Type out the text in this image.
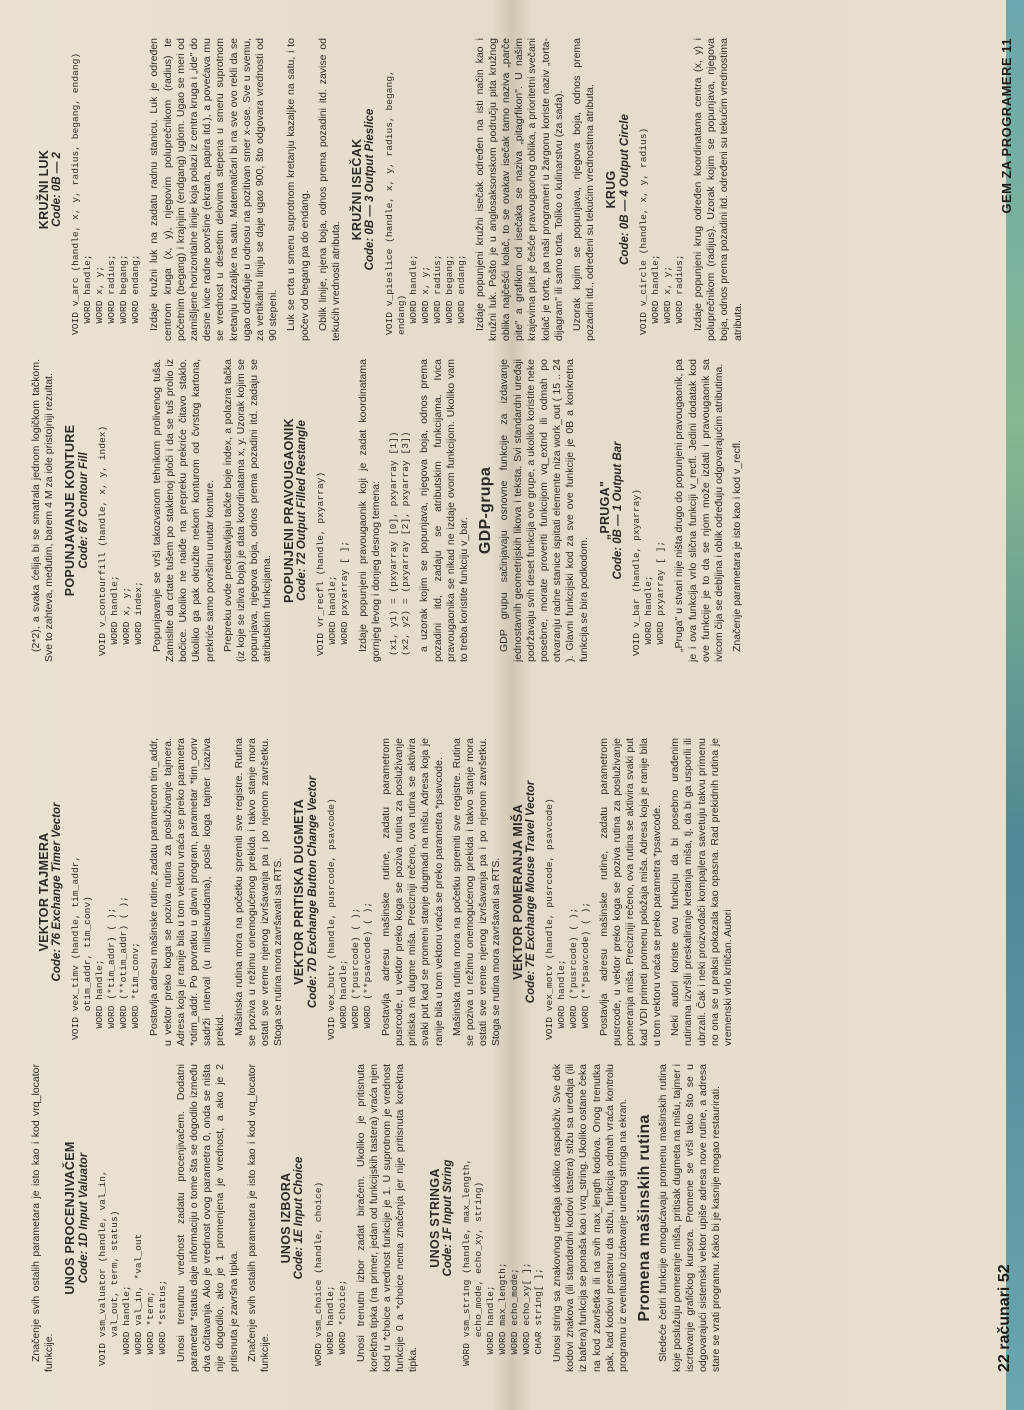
Značenje svih ostalih parametara je isto kao i kod vrq_locator funkcije.

UNOS PROCENJIVAČEM Code: 1D Input Valuator
VOID vsm_valuator (handle, val_in,
val_out, term, status)
WORD handle;
WORD val_in, *val_out
WORD *term;
WORD *status; Unosi trenutnu vrednost zadatu procenjivačem. Dodatni parametar *status daje informaciju o tome šta se dogodilo između dva očitavanja. Ako je vrednost ovog parametra 0, onda se ništa nije dogodilo, ako je 1 promenjena je vrednost, a ako je 2 pritisnuta je završna tipka. Značenje svih ostalih parametara je isto kao i kod vrq_locator funkcije.

UNOS IZBORA Code: 1E Input Choice
WORD vsm_choice (handle, choice)
WORD handle;
WORD *choice; Unosi trenutni izbor zadat biračem. Ukoliko je pritisnuta korektna tipka (na primer, jedan od funkcijskih tastera) vraća njen kod u *choice a vrednost funkcije je 1. U suprotnom je vrednost funkcije 0 a *choice nema značenja jer nije pritisnuta korektna tipka.

UNOS STRINGA Code: 1F Input String
WORD vsm_string (handle, max_length,
echo_mode, echo_xy, string)
WORD handle;
WORD max_length;
WORD echo_mode;
WORD echo_xy[ ];
CHAR string[ ]; Unosi string sa znakovnog uređaja ukoliko raspoloživ. Sve dok kodovi znakova (ili standardni kodovi tastera) stižu sa uređaja (ili iz bafera) funkcija se ponaša kao i vrq_string. Ukoliko ostane čeka na kod završetka ili na svih max_length kodova. Onog trenutka pak, kad kodovi prestanu da stižu, funkcija odmah vraća kontrolu programu iz eventualno izdavanje unetog stringa na ekran. Promena mašinskih rutina Sledeće četiri funkcije omogućavaju promenu mašinskih rutina koje poslužuju pomeranje miša, pritisak dugmeta na mišu, tajmer i iscrtavanje grafičkog kursora. Promene se vrši tako što se u odgovarajući sistemski vektor upiše adresa nove rutine, a adresa stare se vrati programu. Kako bi je kasnije mogao restaurirati.

VEKTOR TAJMERA Code: 76 Exchange Timer Vector
VOID vex_timv (handle, tim_addr,
otim_addr, tim_conv)
WORD handle;
WORD (*tim_addr) ( );
WORD (**otim_addr) ( );
WORD *tim_conv; Postavlja adresu mašinske rutine, zadatu parametrom tim_addr, u vektor preko koga se poziva rutina za posluživanje tajmera. Adresa koja je ranije bila u tom vektoru vraća se preko parametra *otim_addr. Po povratku u glavni program, parametar *tim_conv sadrži interval (u milisekundama), posle koga tajmer izaziva prekid. Mašinska rutina mora na početku spremiti sve registre. Rutina se poziva u režimu onemogućenog prekida i takvo stanje mora ostati sve vreme njenog izvršavanja pa i po njenom završetku. Stoga se rutina mora završavati sa RTS. VEKTOR PRITISKA DUGMETA Code: 7D Exchange Button Change Vector
VOID vex_butv (handle, pusrcode, psavcode)
WORD handle;
WORD (*pusrcode) ( );
WORD (**psavcode) ( ); Postavlja adresu mašinske rutine, zadatu parametrom pusrcode, u vektor preko koga se poziva rutina za posluživanje pritiska na dugme miša. Precizniji rečeno, ova rutina se aktivira svaki put kad se promeni stanje dugmadi na mišu. Adresa koja je ranije bila u tom vektoru vraća se preko parametra *psavcode. Mašinska rutina mora na početku spremiti sve registre. Rutina se poziva u režimu onemogućenog prekida i takvo stanje mora ostati sve vreme njenog izvršavanja pa i po njenom završetku. Stoga se rutina mora završavati sa RTS. VEKTOR POMERANJA MIŠA Code: 7E Exchange Mouse Travel Vector
VOID vex_motv (handle, pusrcode, psavcode)
WORD handle;
WORD (*pusrcode) ( );
WORD (**psavcode) ( ); Postavlja adresu mašinske rutine, zadatu parametrom pusrcode, u vektor preko koga se poziva rutina za posluživanje pomeranja miša. Precizniji rečeno, ova rutina se aktivira svaki put kad VDI primeti promenu položaja miša. Adresa koja je ranije bila u tom vektoru vraća se preko parametra *psavcode. Neki autori koriste ovu funkciju da bi posebno urađenim rutinama izvršili preskaliranje kretanja miša, tj. da bi ga usporili ili ubrzali. Čak i neki proizvođači kompajlera savetuju takvu primenu no ona se u praksi pokazala kao opasna. Rad prekidnih rutina je vremenski vrlo kritičan. Autori

22 računari 52

(2*2), a svaka ćelija bi se smatrala jednom logičkom tačkom. Sve to zahteva, međutim, barem 4 M za iole pristojniji rezultat. POPUNJAVANJE KONTURE Code: 67 Contour Fill
VOID v_contourfill (handle, x, y, index)
WORD handle;
WORD x, y;
WORD index; Popunjavanje se vrši takozvanom tehnikom prolivenog tuša. Zamislite da crtate tušem po staklenoj ploči i da se tuš prolio iz bočice. Ukoliko ne naiđe na prepreku prekriće čitavo staklo. Ukoliko ga pak okružite nekom konturom od čvrstog kartona, prekriće samo površinu unutar konture. Prepreku ovde predstavljaju tačke boje index, a polazna tačka (iz koje se izliva boja) je data koordinatama x, y. Uzorak kojim se popunjava, njegova boja, odnos prema pozadini itd. zadaju se atributskim funkcijama.

POPUNJENI PRAVOUGAONIK Code: 72 Output Filled Restangle
VOID vr_recfl (handle, pxyarray)
WORD handle;
WORD pxyarray [ ]; Izdaje popunjeni pravougaonik koji je zadat koordinatama gornjeg levog i donjeg desnog temena: (x1, y1) = (pxyarray [0], pxyarray [1])
(x2, y2) = (pxyarray [2], pxyarray [3]) a uzorak kojim se popunjava, njegova boja, odnos prema pozadini itd, zadaju se atributskim funkcijama. Ivica pravougaonika se nikad ne izdaje ovom funkcijom. Ukoliko vam to treba koristite funkciju v_bar.

GDP-grupa GDP grupu sačinjavaju osnovne funkcije za izdavanje jednostavnih geometrijskih likova i teksta. Svi standardni uređaji podržavaju svih deset funkcija ove grupe, a ukoliko koristite neke posebne, morate proveriti funkcijom vq_extnd ili odmah po otvaranju radne stanice ispitati elemente niza work_out ( 15 .. 24 ). Glavni funkcijski kod za sve ove funkcije je 0B a konkretna funkcija se bira podkodom.

„PRUGA" Code: 0B — 1 Output Bar
VOID v_bar (handle, pxyarray)
WORD handle;
WORD pxyarray [ ]; „Pruga" u stvari nije ništa drugo do popunjeni pravougaonik, pa je i ova funkcija vrlo slična funkciji v_recfl. Jedini dodatak kod ove funkcije je to da se njom može izdati i pravougaonik sa ivicom čija se debljina i oblik određuju odgovarajućim atributima. Značenje parametara je isto kao i kod v_recfl.

KRUŽNI LUK Code: 0B — 2
VOID v_arc (handle, x, y, radius, begang, endang)
WORD handle;
WORD x, y;
WORD radius;
WORD begang;
WORD endang; Izdaje kružni luk na zadatu radnu stanicu. Luk je određen centrom kruga (x, y), njegovim poluprečnikom (radius) te početnim (begang) i krajnjim (endgang) uglom. Ugao se meri od zamišljene horizontalne linije koja polazi iz centra kruga i „ide" do desne ivice radne površine (ekrana, papira itd.), a povećava mu se vrednost u desetim delovima stepena u smeru suprotnom kretanju kazaljke na satu. Matematičari bi na sve ovo rekli da se ugao određuje u odnosu na pozitivan smer x-ose. Sve u svemu, za vertikalnu liniju se daje ugao 900, što odgovara vrednosti od 90 stepeni. Luk se crta u smeru suprotnom kretanju kazaljke na satu, i to počev od begang pa do endang. Oblik linije, njena boja, odnos prema pozadini itd. zavise od tekućih vrednosti atributa.

KRUŽNI ISEČAK Code: 0B — 3 Output Pieslice
VOID v_pieslice (handle, x, y, radius, begang, endang)
WORD handle;
WORD x, y;
WORD radius;
WORD begang;
WORD endang; Izdaje popunjeni kružni isečak određen na isti način kao i kružni luk. Pošto je u anglosaksonskom području pita kružnog oblika najčešći kolač, to se ovakav isečak tamo naziva „parče pite" a grafikon od isečaka se naziva „pitagrfikon". U našim krajevima pita je češće pravougaonog oblika, a prioritetni svečani kolač je torta, pa naši programeri u žargonu koriste naziv „torta-dijagram" ili samo torta. Toliko o kulinarstvu (za sada). Uzorak kojim se popunjava, njegova boja, odnos prema pozadini itd., određeni su tekućim vrednostima atributa. KRUG Code: 0B — 4 Output Circle
VOID v_circle (handle, x, y, radius)
WORD handle;
WORD x, y;
WORD radius; Izdaje popunjeni krug određen koordinatama centra (x, y) i poluprečnikom (radijus). Uzorak kojim se popunjava, njegova boja, odnos prema pozadini itd. određeni su tekućim vrednostima atributa.

GEM ZA PROGRAMERE 11
